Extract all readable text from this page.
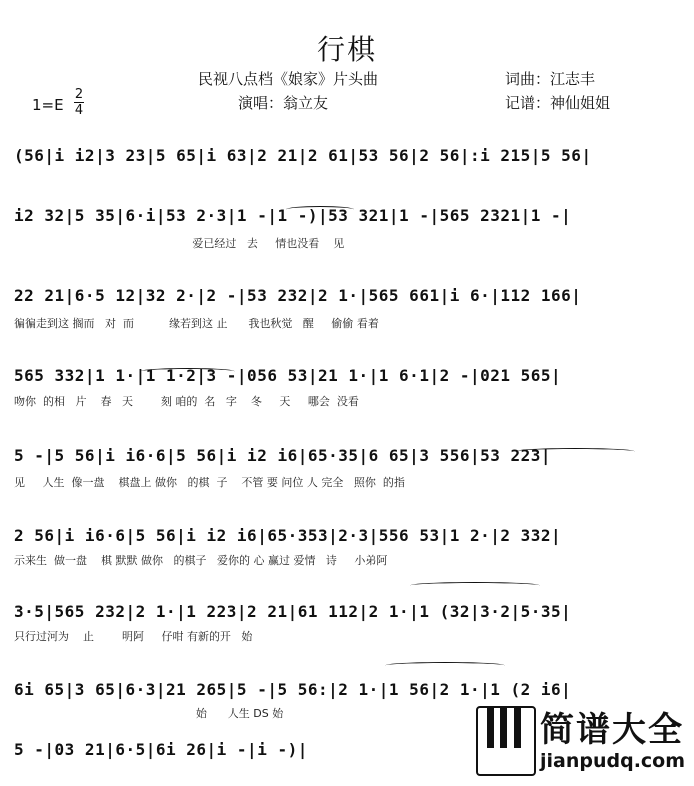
行棋
民视八点档《娘家》片头曲
演唱：翁立友
词曲：江志丰
记谱：神仙姐姐
1=E
2
4
(56|i i2|3 23|5 65|i 63|2 21|2 61|53 56|2 56|:i 215|5 56|
i2 32|5 35|6·i|53 2·3|1 -|1 -)|53 321|1 -|565 2321|1 -|
爱已经过   去     情也没看    见
22 21|6·5 12|32 2·|2 -|53 232|2 1·|565 661|i 6·|112 166|
徧徧走到这 搁而   对  而          缘若到这 止      我也秋觉   醒     偷偷 看着
565 332|1 1·|1 1·2|3 -|056 53|21 1·|1 6·1|2 -|021 565|
吻你  的相   片    春   天        刻 咱的  名   字    冬     天     哪会  没看
5 -|5 56|i i6·6|5 56|i i2 i6|65·35|6 65|3 556|53 223|
见     人生  像一盘    棋盘上 做你   的棋  子    不管 要 问位 人 完全   照你  的指
2 56|i i6·6|5 56|i i2 i6|65·353|2·3|556 53|1 2·|2 332|
示来生  做一盘    棋 默默 做你   的棋子   爱你的 心 赢过 爱情   诗     小弟阿
3·5|565 232|2 1·|1 223|2 21|61 112|2 1·|1 (32|3·2|5·35|
只行过河为    止        明阿     仔咁 有新的开   始
6i 65|3 65|6·3|21 265|5 -|5 56:|2 1·|1 56|2 1·|1 (2 i6|
始      人生 DS 始
5 -|03 21|6·5|6i 26|i -|i -)|	简谱大全
jianpudq.com
